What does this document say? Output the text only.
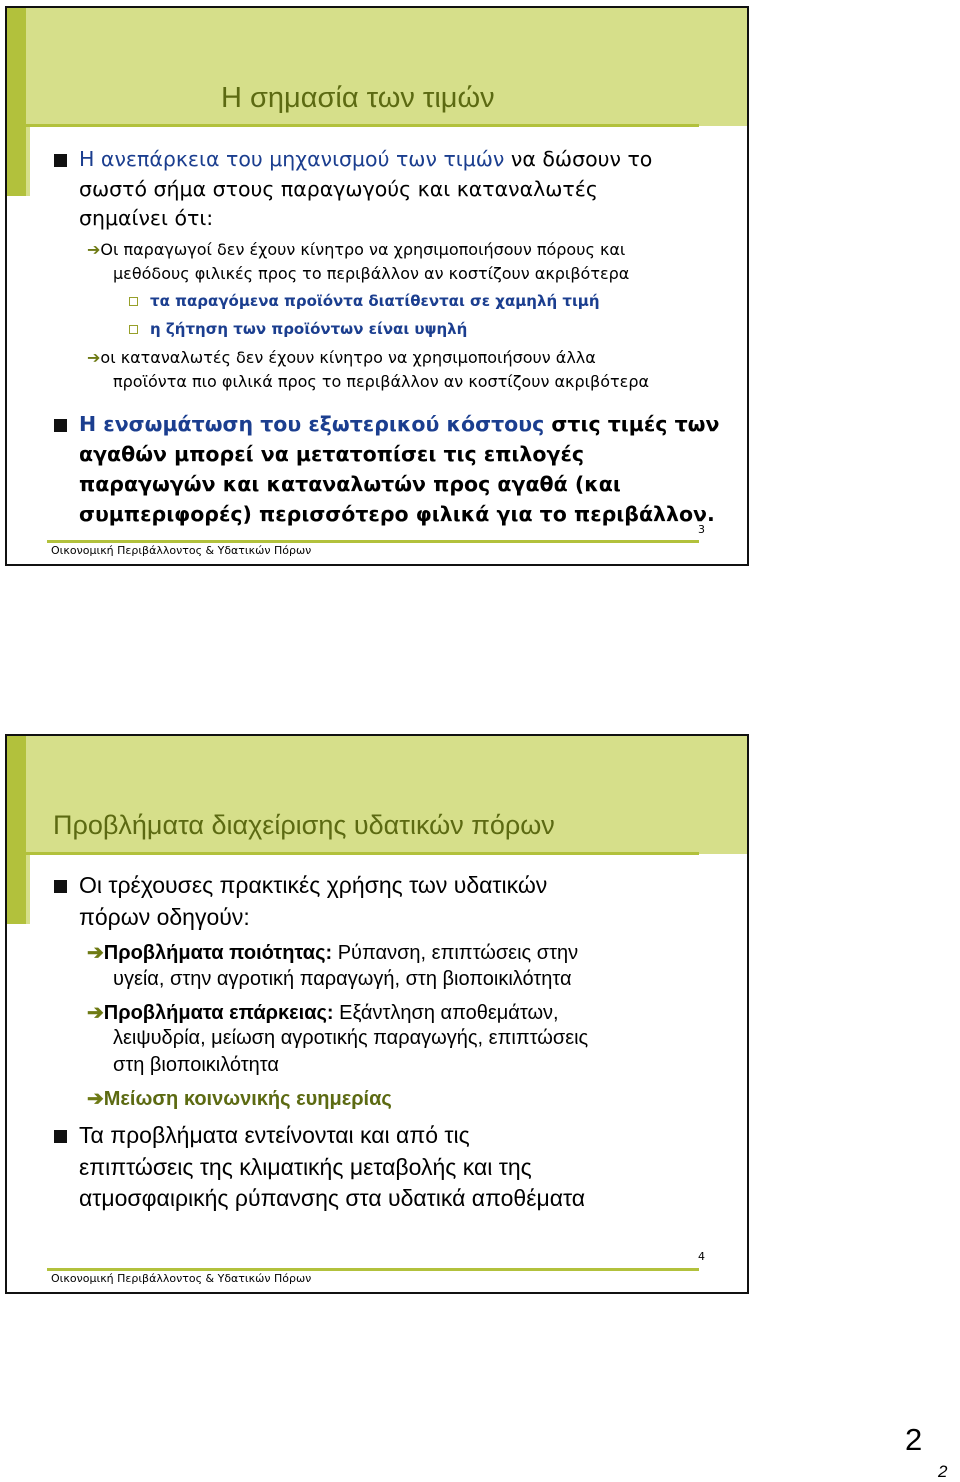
Η σημασία των τιμών
Η ανεπάρκεια του μηχανισμού των τιμών να δώσουν το
σωστό σήμα στους παραγωγούς και καταναλωτές
σημαίνει ότι:
➔Οι παραγωγοί δεν έχουν κίνητρο να χρησιμοποιήσουν πόρους και
μεθόδους φιλικές προς το περιβάλλον αν κοστίζουν ακριβότερα
τα παραγόμενα προϊόντα διατίθενται σε χαμηλή τιμή
η ζήτηση των προϊόντων είναι υψηλή
➔οι καταναλωτές δεν έχουν κίνητρο να χρησιμοποιήσουν άλλα
προϊόντα πιο φιλικά προς το περιβάλλον αν κοστίζουν ακριβότερα
Η ενσωμάτωση του εξωτερικού κόστους στις τιμές των
αγαθών μπορεί να μετατοπίσει τις επιλογές
παραγωγών και καταναλωτών προς αγαθά (και
συμπεριφορές) περισσότερο φιλικά για το περιβάλλον.
3
Οικονομική Περιβάλλοντος & Υδατικών Πόρων
Προβλήματα διαχείρισης υδατικών πόρων
Οι τρέχουσες πρακτικές χρήσης των υδατικών
πόρων οδηγούν:
➔Προβλήματα ποιότητας: Ρύπανση, επιπτώσεις στην
υγεία, στην αγροτική παραγωγή, στη βιοποικιλότητα
➔Προβλήματα επάρκειας: Εξάντληση αποθεμάτων,
λειψυδρία, μείωση αγροτικής παραγωγής, επιπτώσεις
στη βιοποικιλότητα
➔Μείωση κοινωνικής ευημερίας
Τα προβλήματα εντείνονται και από τις
επιπτώσεις της κλιματικής μεταβολής και της
ατμοσφαιρικής ρύπανσης στα υδατικά αποθέματα
4
Οικονομική Περιβάλλοντος & Υδατικών Πόρων
2
2
